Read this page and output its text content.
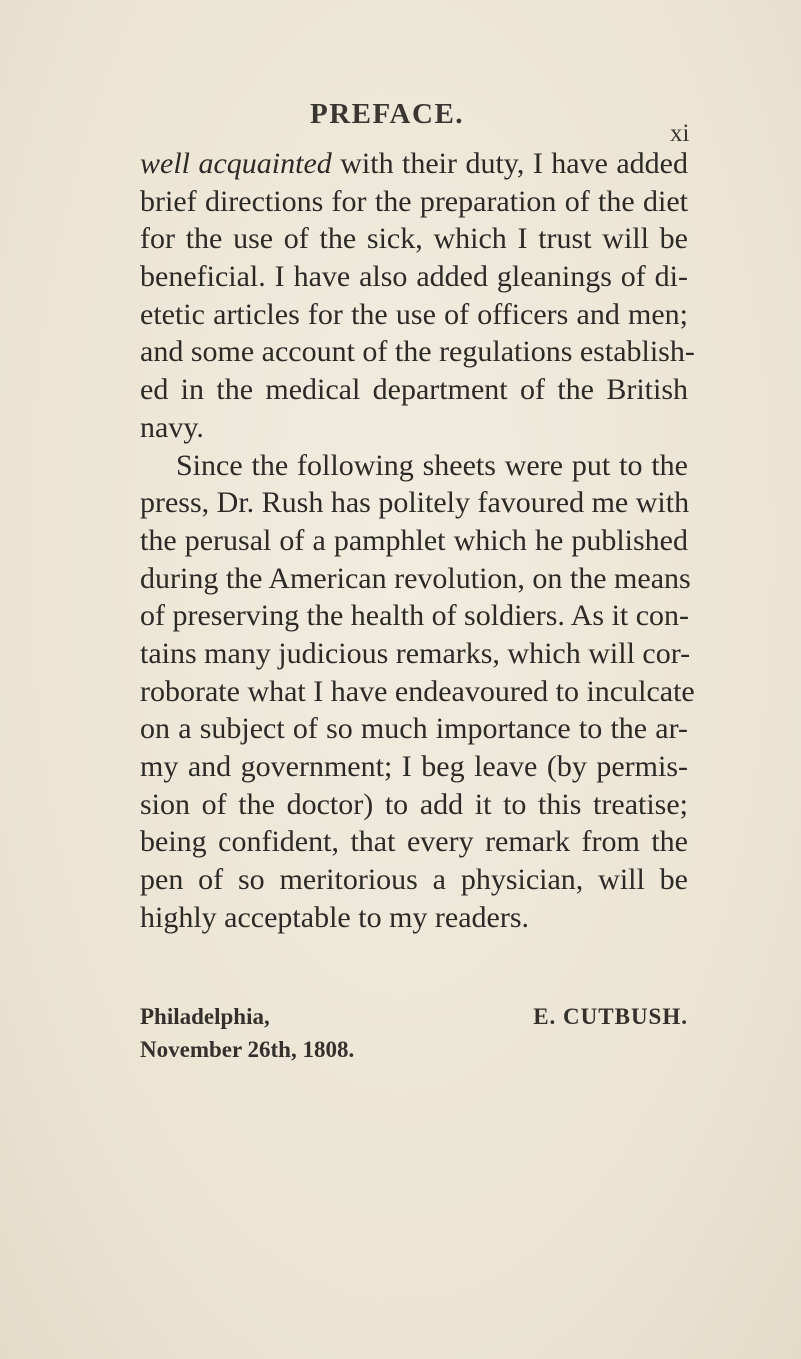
PREFACE.
xi
well acquainted with their duty, I have added
brief directions for the preparation of the diet
for the use of the sick, which I trust will be
beneficial. I have also added gleanings of di-
etetic articles for the use of officers and men;
and some account of the regulations establish-
ed in the medical department of the British
navy.
Since the following sheets were put to the
press, Dr. Rush has politely favoured me with
the perusal of a pamphlet which he published
during the American revolution, on the means
of preserving the health of soldiers. As it con-
tains many judicious remarks, which will cor-
roborate what I have endeavoured to inculcate
on a subject of so much importance to the ar-
my and government; I beg leave (by permis-
sion of the doctor) to add it to this treatise;
being confident, that every remark from the
pen of so meritorious a physician, will be
highly acceptable to my readers.
Philadelphia,	E. CUTBUSH.
November 26th, 1808.
